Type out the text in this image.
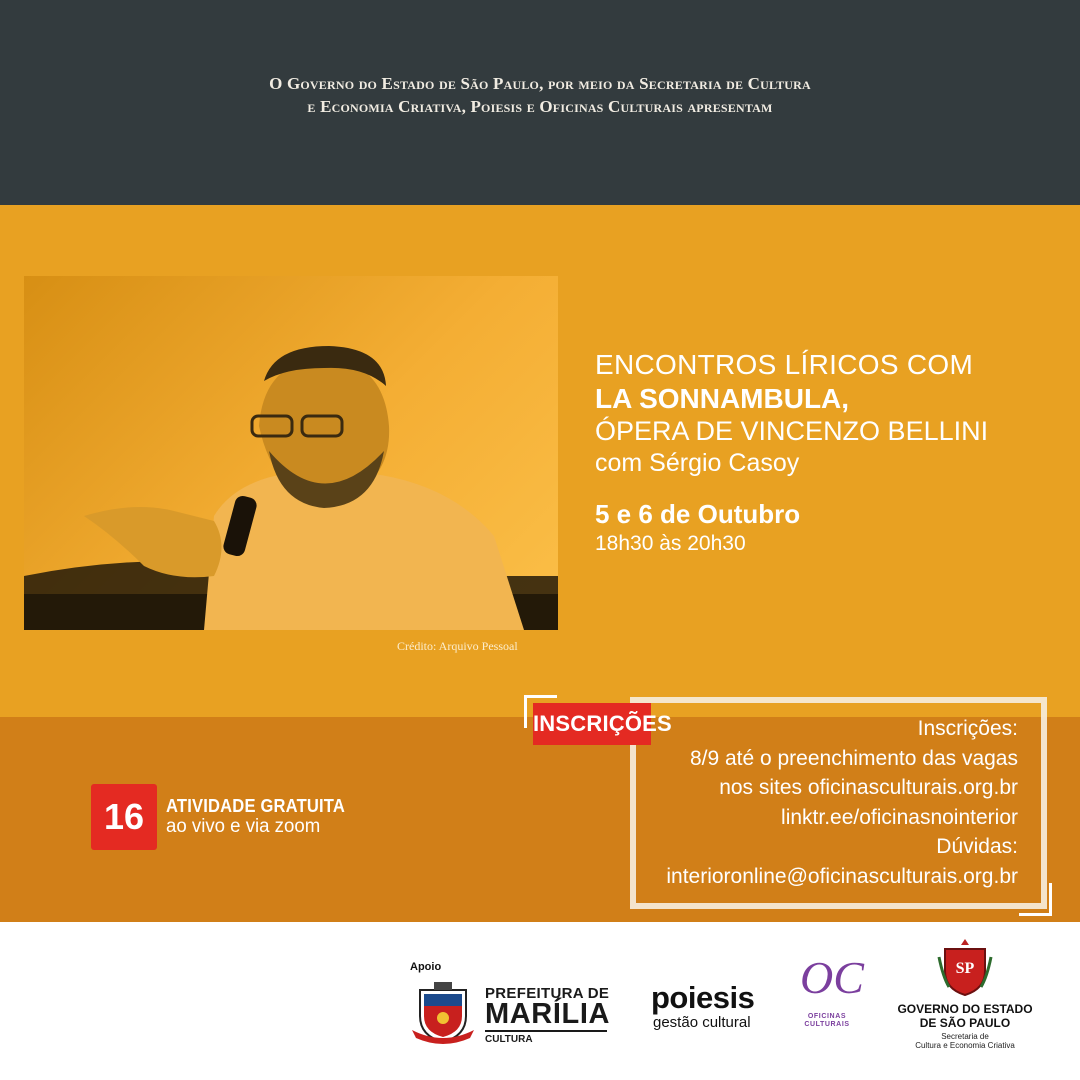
O Governo do Estado de São Paulo, por meio da Secretaria de Cultura
e Economia Criativa, Poiesis e Oficinas Culturais apresentam
Crédito: Arquivo Pessoal
ENCONTROS LÍRICOS COM
LA SONNAMBULA,
ÓPERA DE VINCENZO BELLINI
com Sérgio Casoy
5 e 6 de Outubro
18h30 às 20h30
16	ATIVIDADE GRATUITA
ao vivo e via zoom
INSCRIÇÕES	Inscrições:
8/9 até o preenchimento das vagas
nos sites oficinasculturais.org.br
linktr.ee/oficinasnointerior
Dúvidas:
interioronline@oficinasculturais.org.br
Apoio
PREFEITURA DE
MARÍLIA
CULTURA
poiesis
gestão cultural
OC
OFICINAS
CULTURAIS
SP
GOVERNO DO ESTADO
DE SÃO PAULO
Secretaria de
Cultura e Economia Criativa
